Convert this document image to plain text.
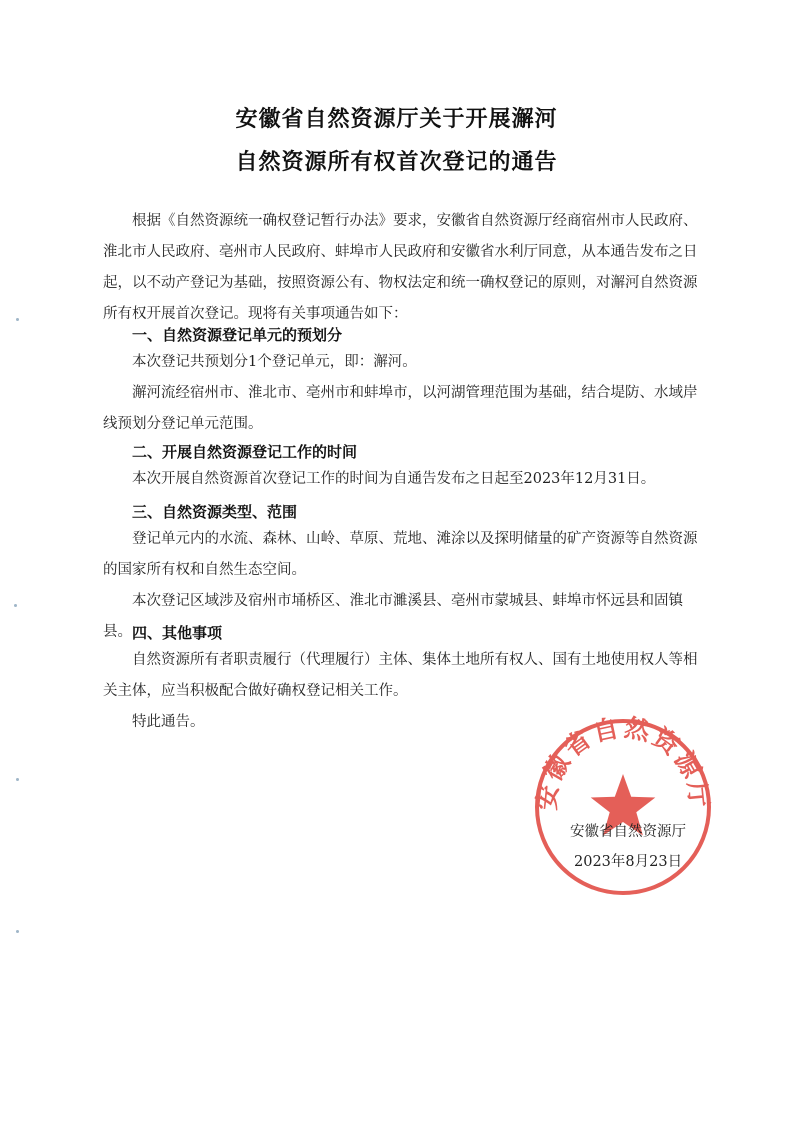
安徽省自然资源厅关于开展澥河
自然资源所有权首次登记的通告
根据《自然资源统一确权登记暂行办法》要求，安徽省自然资源厅经商宿州市人民政府、淮北市人民政府、亳州市人民政府、蚌埠市人民政府和安徽省水利厅同意，从本通告发布之日起，以不动产登记为基础，按照资源公有、物权法定和统一确权登记的原则，对澥河自然资源所有权开展首次登记。现将有关事项通告如下：
一、自然资源登记单元的预划分
本次登记共预划分1个登记单元，即：澥河。
澥河流经宿州市、淮北市、亳州市和蚌埠市，以河湖管理范围为基础，结合堤防、水域岸线预划分登记单元范围。
二、开展自然资源登记工作的时间
本次开展自然资源首次登记工作的时间为自通告发布之日起至2023年12月31日。
三、自然资源类型、范围
登记单元内的水流、森林、山岭、草原、荒地、滩涂以及探明储量的矿产资源等自然资源的国家所有权和自然生态空间。
本次登记区域涉及宿州市埇桥区、淮北市濉溪县、亳州市蒙城县、蚌埠市怀远县和固镇县。 四、其他事项
自然资源所有者职责履行（代理履行）主体、集体土地所有权人、国有土地使用权人等相关主体，应当积极配合做好确权登记相关工作。
特此通告。
安徽省自然资源厅
安徽省自然资源厅
2023年8月23日
